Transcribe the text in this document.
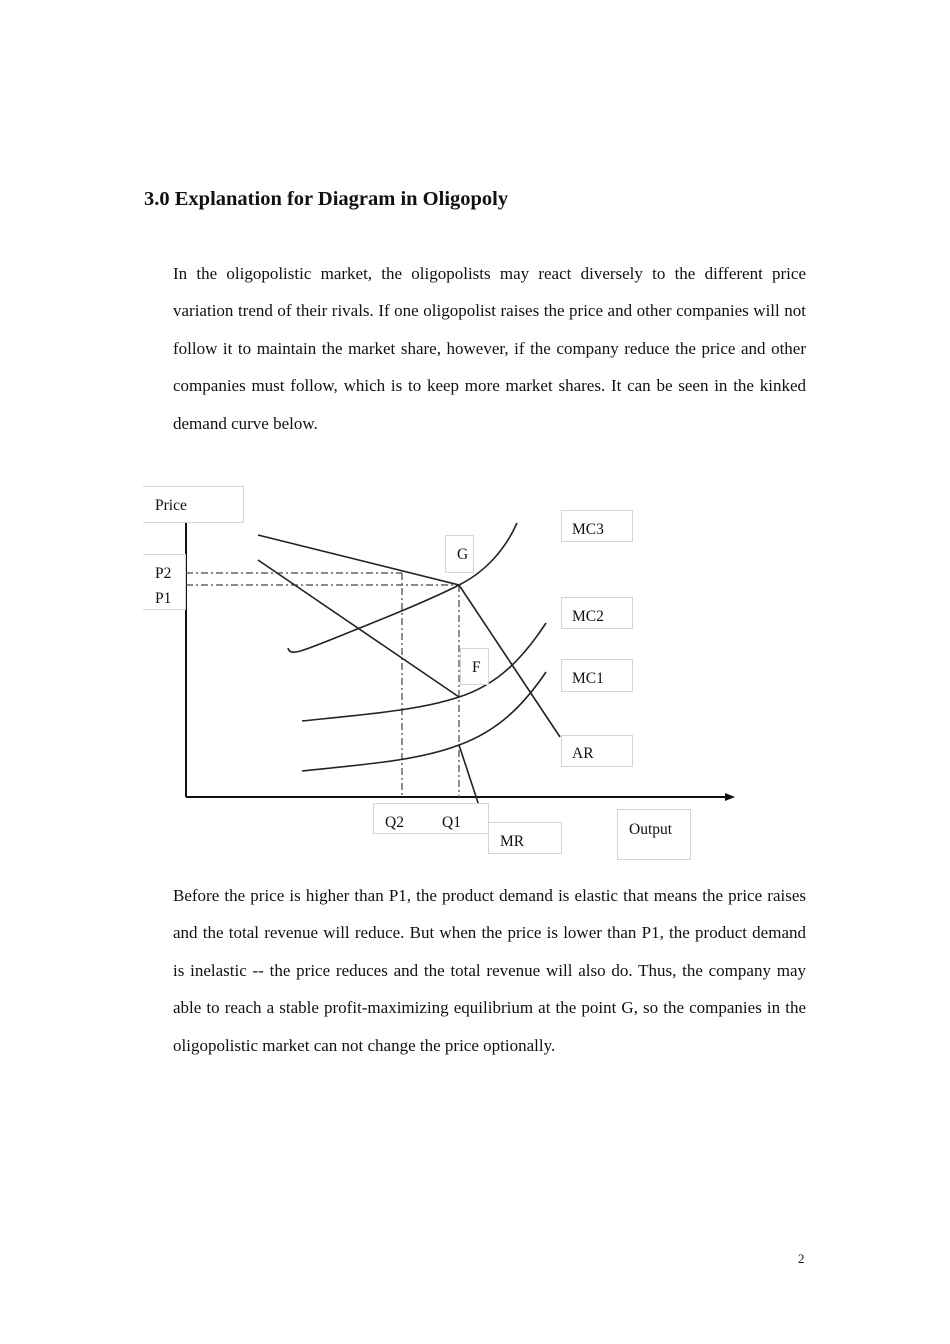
3.0 Explanation for Diagram in Oligopoly

In the oligopolistic market, the oligopolists may react diversely to the different price variation trend of their rivals. If one oligopolist raises the price and other companies will not follow it to maintain the market share, however, if the company reduce the price and other companies must follow, which is to keep more market shares. It can be seen in the kinked demand curve below.

Price
P2
P1
G
F
MC3
MC2
MC1
AR
Q2 Q1
MR
Output

Before the price is higher than P1, the product demand is elastic that means the price raises and the total revenue will reduce. But when the price is lower than P1, the product demand is inelastic -- the price reduces and the total revenue will also do. Thus, the company may able to reach a stable profit-maximizing equilibrium at the point G, so the companies in the oligopolistic market can not change the price optionally.

2
